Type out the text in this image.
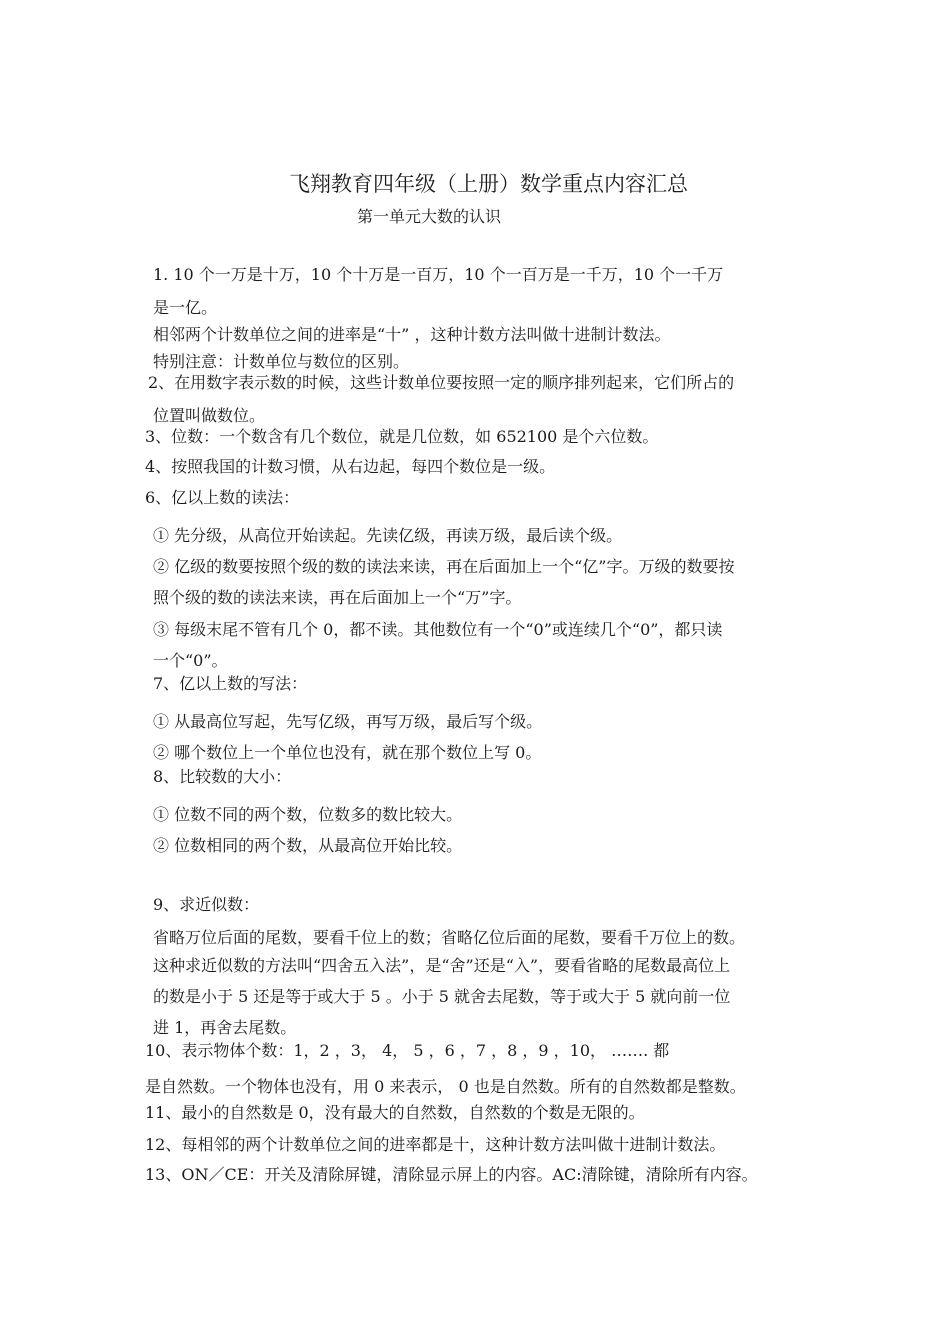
飞翔教育四年级（上册）数学重点内容汇总

第一单元大数的认识

1. 10 个一万是十万，10 个十万是一百万，10 个一百万是一千万，10 个一千万

是一亿。

相邻两个计数单位之间的进率是“十” ，这种计数方法叫做十进制计数法。

特别注意：计数单位与数位的区别。

2、在用数字表示数的时候，这些计数单位要按照一定的顺序排列起来，它们所占的

位置叫做数位。

3、位数：一个数含有几个数位，就是几位数，如 652100 是个六位数。

4、按照我国的计数习惯，从右边起，每四个数位是一级。

6、亿以上数的读法：

① 先分级，从高位开始读起。先读亿级，再读万级，最后读个级。

② 亿级的数要按照个级的数的读法来读，再在后面加上一个“亿”字。万级的数要按

照个级的数的读法来读，再在后面加上一个“万”字。

③ 每级末尾不管有几个 0，都不读。其他数位有一个“0”或连续几个“0”，都只读

一个“0”。

7、亿以上数的写法：

① 从最高位写起，先写亿级，再写万级，最后写个级。

② 哪个数位上一个单位也没有，就在那个数位上写 0。

8、比较数的大小：

① 位数不同的两个数，位数多的数比较大。

② 位数相同的两个数，从最高位开始比较。

9、求近似数：

省略万位后面的尾数，要看千位上的数；省略亿位后面的尾数，要看千万位上的数。

这种求近似数的方法叫“四舍五入法”，是“舍”还是“入”，要看省略的尾数最高位上

的数是小于 5 还是等于或大于 5 。小于 5 就舍去尾数，等于或大于 5 就向前一位

进 1，再舍去尾数。

10、表示物体个数：1，2 ，3， 4， 5 ，6 ，7 ，8 ，9 ，10， ……. 都

是自然数。一个物体也没有，用 0 来表示， 0 也是自然数。所有的自然数都是整数。

11、最小的自然数是 0，没有最大的自然数，自然数的个数是无限的。

12、每相邻的两个计数单位之间的进率都是十，这种计数方法叫做十进制计数法。

13、ON／CE：开关及清除屏键，清除显示屏上的内容。AC:清除键，清除所有内容。
